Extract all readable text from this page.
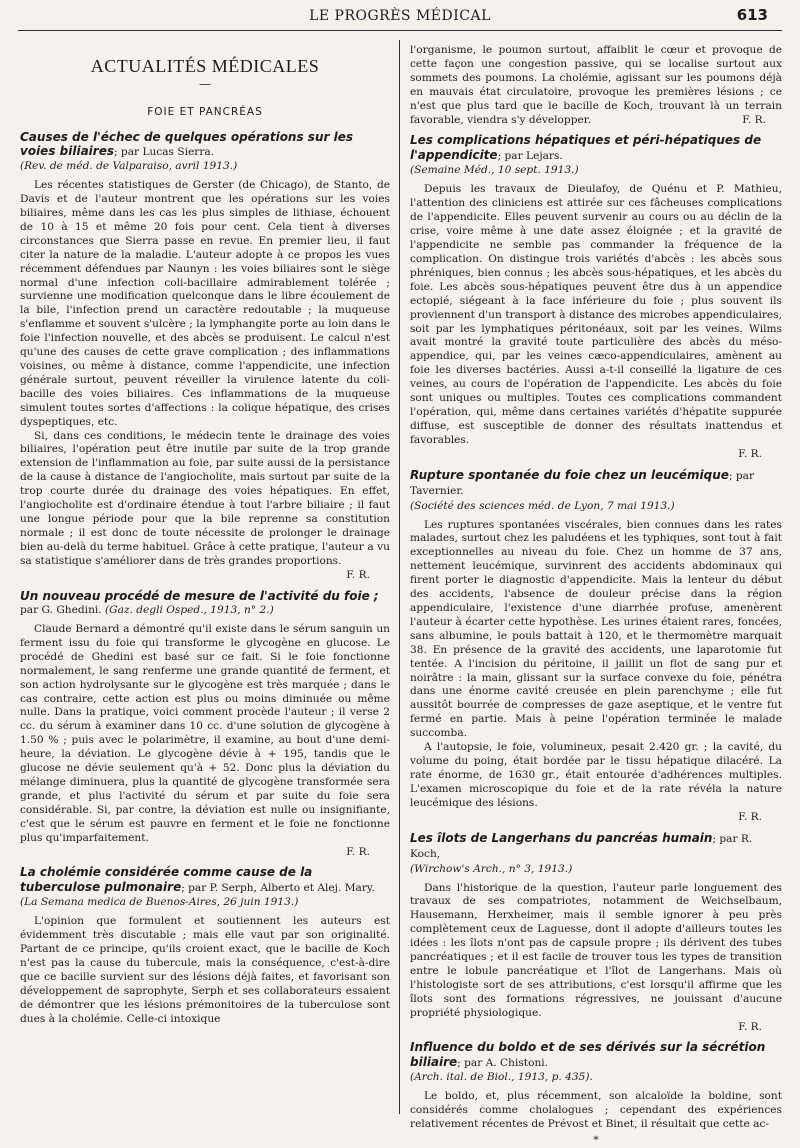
LE PROGRÈS MÉDICAL	613
ACTUALITÉS MÉDICALES
—
FOIE ET PANCRÉAS
Causes de l'échec de quelques opérations sur les voies biliaires; par Lucas Sierra.
(Rev. de méd. de Valparaiso, avril 1913.)

Les récentes statistiques de Gerster (de Chicago), de Stanto, de Davis et de l'auteur montrent que les opérations sur les voies biliaires, même dans les cas les plus simples de lithiase, échouent de 10 à 15 et même 20 fois pour cent. Cela tient à diverses circonstances que Sierra passe en revue. En premier lieu, il faut citer la nature de la maladie. L'auteur adopte à ce propos les vues récemment défendues par Naunyn : les voies biliaires sont le siège normal d'une infection coli-bacillaire admirablement tolérée ; survienne une modification quelconque dans le libre écoulement de la bile, l'infection prend un caractère redoutable ; la muqueuse s'enflamme et souvent s'ulcère ; la lymphangite porte au loin dans le foie l'infection nouvelle, et des abcès se produisent. Le calcul n'est qu'une des causes de cette grave complication ; des inflammations voisines, ou même à distance, comme l'appendicite, une infection générale surtout, peuvent réveiller la virulence latente du coli-bacille des voies biliaires. Ces inflammations de la muqueuse simulent toutes sortes d'affections : la colique hépatique, des crises dyspeptiques, etc.

Si, dans ces conditions, le médecin tente le drainage des voies biliaires, l'opération peut être inutile par suite de la trop grande extension de l'inflammation au foie, par suite aussi de la persistance de la cause à distance de l'angiocholite, mais surtout par suite de la trop courte durée du drainage des voies hépatiques. En effet, l'angiocholite est d'ordinaire étendue à tout l'arbre biliaire ; il faut une longue période pour que la bile reprenne sa constitution normale ; il est donc de toute nécessite de prolonger le drainage bien au-delà du terme habituel. Grâce à cette pratique, l'auteur a vu sa statistique s'améliorer dans de très grandes proportions.

F. R.
Un nouveau procédé de mesure de l'activité du foie ;
par G. Ghedini. (Gaz. degli Osped., 1913, n° 2.)

Claude Bernard a démontré qu'il existe dans le sérum sanguin un ferment issu du foie qui transforme le glycogène en glucose. Le procédé de Ghedini est basé sur ce fait. Si le foie fonctionne normalement, le sang renferme une grande quantité de ferment, et son action hydrolysante sur le glycogène est très marquée ; dans le cas contraire, cette action est plus ou moins diminuée ou même nulle. Dans la pratique, voici comment procède l'auteur ; il verse 2 cc. du sérum à examiner dans 10 cc. d'une solution de glycogène à 1.50 % ; puis avec le polarimètre, il examine, au bout d'une demi-heure, la déviation. Le glycogène dévie à + 195, tandis que le glucose ne dévie seulement qu'à + 52. Donc plus la déviation du mélange diminuera, plus la quantité de glycogène transformée sera grande, et plus l'activité du sérum et par suite du foie sera considérable. Si, par contre, la déviation est nulle ou insignifiante, c'est que le sérum est pauvre en ferment et le foie ne fonctionne plus qu'imparfaitement.

F. R.
La cholémie considérée comme cause de la tuberculose pulmonaire; par P. Serph, Alberto et Alej. Mary.
(La Semana medica de Buenos-Aires, 26 juin 1913.)

L'opinion que formulent et soutiennent les auteurs est évidemment très discutable ; mais elle vaut par son originalité. Partant de ce principe, qu'ils croient exact, que le bacille de Koch n'est pas la cause du tubercule, mais la conséquence, c'est-à-dire que ce bacille survient sur des lésions déjà faites, et favorisant son développement de saprophyte, Serph et ses collaborateurs essaient de démontrer que les lésions prémonitoires de la tuberculose sont dues à la cholémie. Celle-ci intoxique

l'organisme, le poumon surtout, affaiblit le cœur et provoque de cette façon une congestion passive, qui se localise surtout aux sommets des poumons. La cholémie, agissant sur les poumons déjà en mauvais état circulatoire, provoque les premières lésions ; ce n'est que plus tard que le bacille de Koch, trouvant là un terrain favorable, viendra s'y développer.	F. R.
Les complications hépatiques et péri-hépatiques de l'appendicite; par Lejars.
(Semaine Méd., 10 sept. 1913.)

Depuis les travaux de Dieulafoy, de Quénu et P. Mathieu, l'attention des cliniciens est attirée sur ces fâcheuses complications de l'appendicite. Elles peuvent survenir au cours ou au déclin de la crise, voire même à une date assez éloignée ; et la gravité de l'appendicite ne semble pas commander la fréquence de la complication. On distingue trois variétés d'abcès : les abcès sous phréniques, bien connus ; les abcès sous-hépatiques, et les abcès du foie. Les abcès sous-hépatiques peuvent être dus à un appendice ectopié, siégeant à la face inférieure du foie ; plus souvent ils proviennent d'un transport à distance des microbes appendiculaires, soit par les lymphatiques péritonéaux, soit par les veines. Wilms avait montré la gravité toute particulière des abcès du méso-appendice, qui, par les veines cæco-appendiculaires, amènent au foie les diverses bactéries. Aussi a-t-il conseillé la ligature de ces veines, au cours de l'opération de l'appendicite. Les abcès du foie sont uniques ou multiples. Toutes ces complications commandent l'opération, qui, même dans certaines variétés d'hépatite suppurée diffuse, est susceptible de donner des résultats inattendus et favorables.

F. R.
Rupture spontanée du foie chez un leucémique; par Tavernier.
(Société des sciences méd. de Lyon, 7 mai 1913.)

Les ruptures spontanées viscérales, bien connues dans les rates malades, surtout chez les paludéens et les typhiques, sont tout à fait exceptionnelles au niveau du foie. Chez un homme de 37 ans, nettement leucémique, survinrent des accidents abdominaux qui firent porter le diagnostic d'appendicite. Mais la lenteur du début des accidents, l'absence de douleur précise dans la région appendiculaire, l'existence d'une diarrhée profuse, amenèrent l'auteur à écarter cette hypothèse. Les urines étaient rares, foncées, sans albumine, le pouls battait à 120, et le thermomètre marquait 38. En présence de la gravité des accidents, une laparotomie fut tentée. A l'incision du péritoine, il jaillit un flot de sang pur et noirâtre : la main, glissant sur la surface convexe du foie, pénétra dans une énorme cavité creusée en plein parenchyme ; elle fut aussitôt bourrée de compresses de gaze aseptique, et le ventre fut fermé en partie. Mais à peine l'opération terminée le malade succomba.

A l'autopsie, le foie, volumineux, pesait 2.420 gr. ; la cavité, du volume du poing, était bordée par le tissu hépatique dilacéré. La rate énorme, de 1630 gr., était entourée d'adhérences multiples. L'examen microscopique du foie et de la rate révéla la nature leucémique des lésions.

F. R.
Les îlots de Langerhans du pancréas humain; par R. Koch,
(Wirchow's Arch., n° 3, 1913.)

Dans l'historique de la question, l'auteur parle longuement des travaux de ses compatriotes, notamment de Weichselbaum, Hausemann, Herxheimer, mais il semble ignorer à peu près complètement ceux de Laguesse, dont il adopte d'ailleurs toutes les idées : les îlots n'ont pas de capsule propre ; ils dérivent des tubes pancréatiques ; et il est facile de trouver tous les types de transition entre le lobule pancréatique et l'îlot de Langerhans. Mais où l'histologiste sort de ses attributions, c'est lorsqu'il affirme que les îlots sont des formations régressives, ne jouissant d'aucune propriété physiologique.

F. R.
Influence du boldo et de ses dérivés sur la sécrétion biliaire; par A. Chistoni.
(Arch. ital. de Biol., 1913, p. 435).

Le boldo, et, plus récemment, son alcaloïde la boldine, sont considérés comme cholalogues ; cependant des expériences relativement récentes de Prévost et Binet, il résultait que cette ac-

*
